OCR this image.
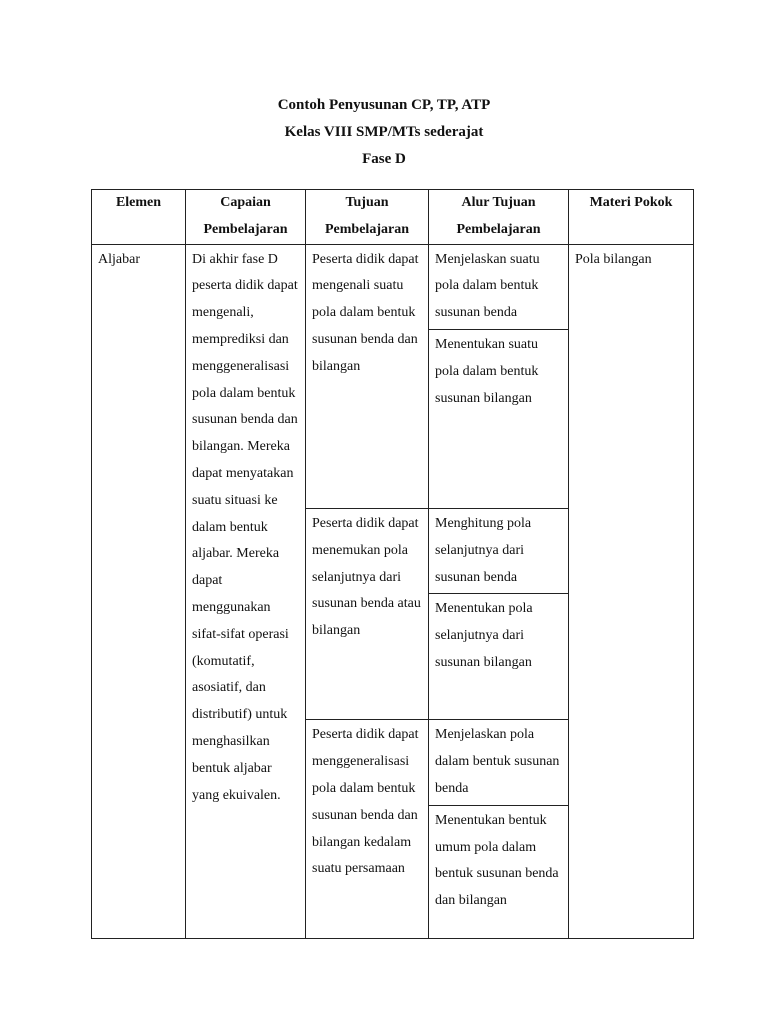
Contoh Penyusunan CP, TP, ATP
Kelas VIII SMP/MTs sederajat
Fase D
Elemen	Capaian Pembelajaran	Tujuan Pembelajaran	Alur Tujuan Pembelajaran	Materi Pokok

Aljabar	Di akhir fase D peserta didik dapat mengenali, memprediksi dan menggeneralisasi pola dalam bentuk susunan benda dan bilangan. Mereka dapat menyatakan suatu situasi ke dalam bentuk aljabar. Mereka dapat menggunakan sifat-sifat operasi (komutatif, asosiatif, dan distributif) untuk menghasilkan bentuk aljabar yang ekuivalen.	Peserta didik dapat mengenali suatu pola dalam bentuk susunan benda dan bilangan	Menjelaskan suatu pola dalam bentuk susunan benda	Pola bilangan
			Menentukan suatu pola dalam bentuk susunan bilangan	
		Peserta didik dapat menemukan pola selanjutnya dari susunan benda atau bilangan	Menghitung pola selanjutnya dari susunan benda	
			Menentukan pola selanjutnya dari susunan bilangan	
		Peserta didik dapat menggeneralisasi pola dalam bentuk susunan benda dan bilangan kedalam suatu persamaan	Menjelaskan pola dalam bentuk susunan benda	
			Menentukan bentuk umum pola dalam bentuk susunan benda dan bilangan	
